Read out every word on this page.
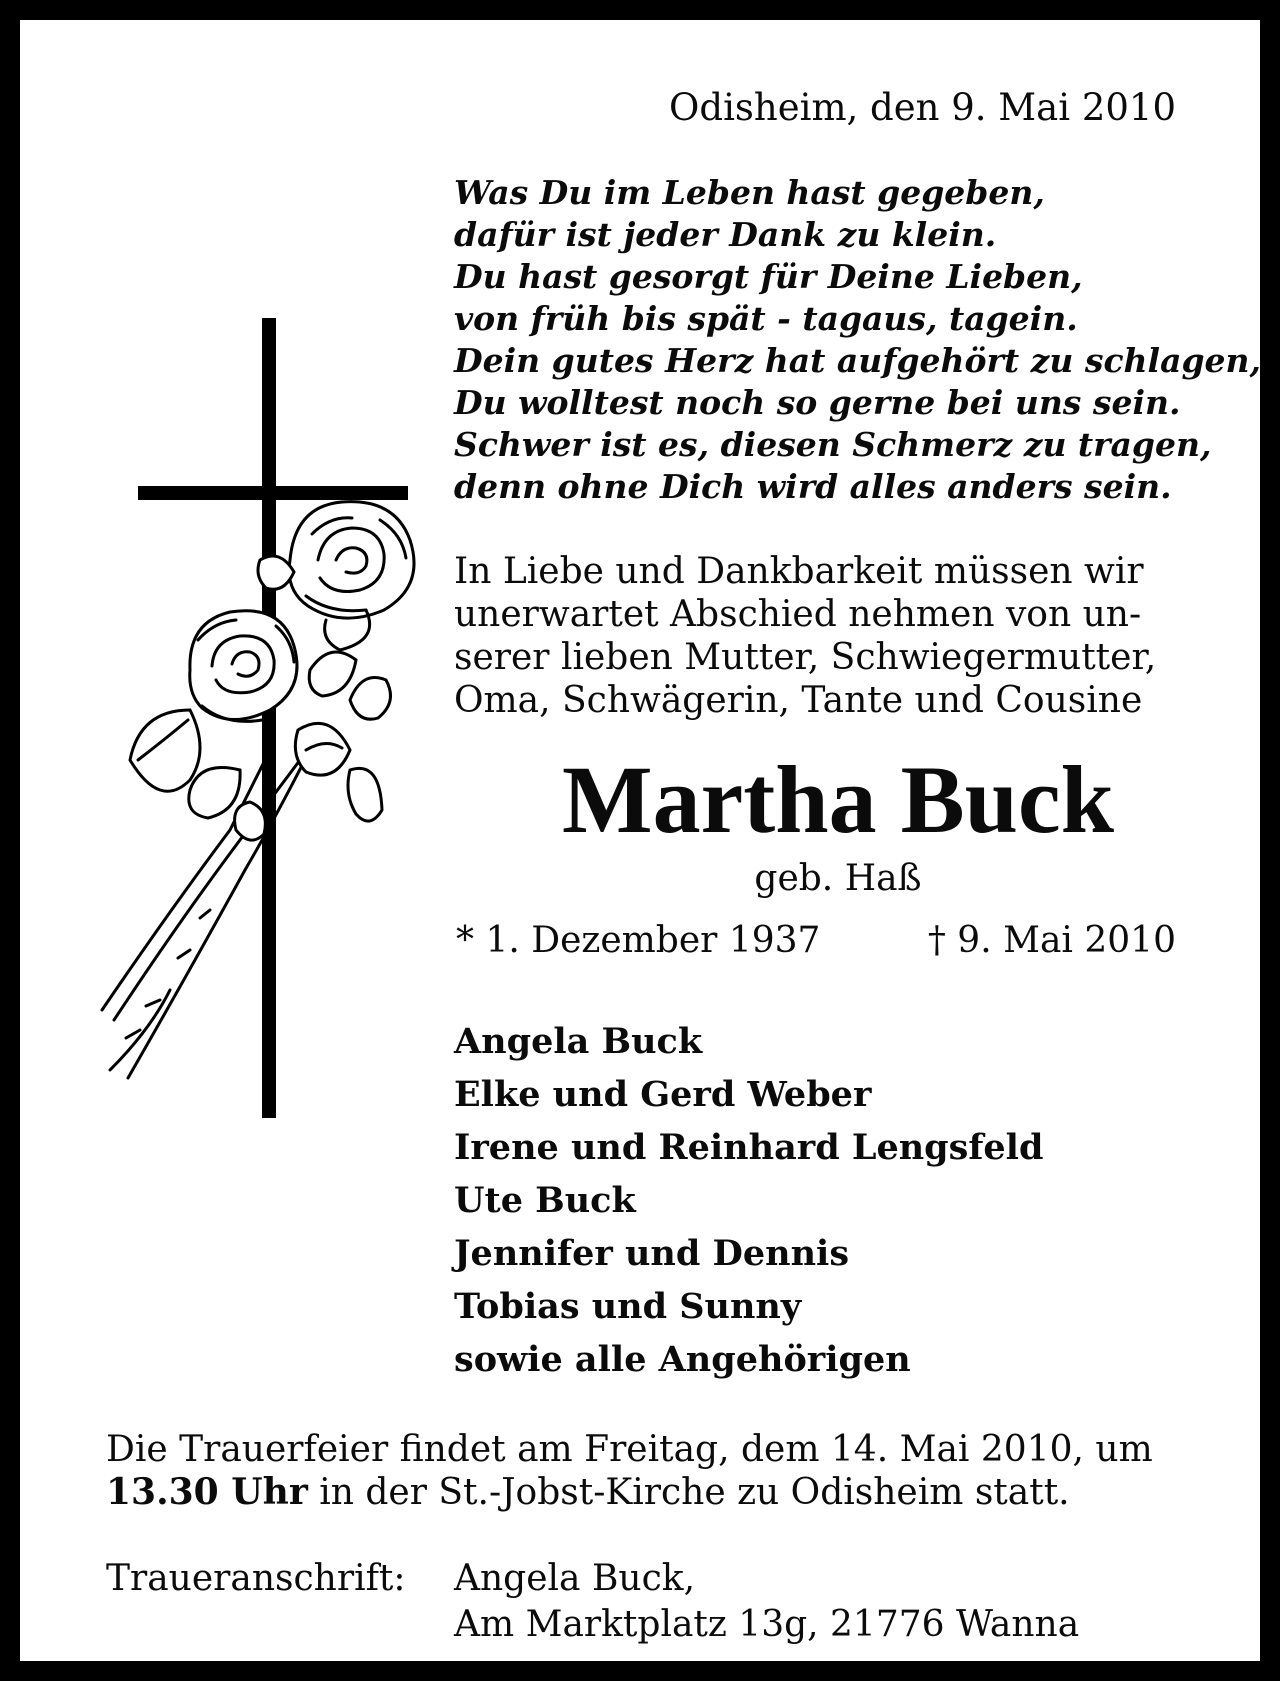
Odisheim, den 9. Mai 2010
Was Du im Leben hast gegeben,
dafür ist jeder Dank zu klein.
Du hast gesorgt für Deine Lieben,
von früh bis spät - tagaus, tagein.
Dein gutes Herz hat aufgehört zu schlagen,
Du wolltest noch so gerne bei uns sein.
Schwer ist es, diesen Schmerz zu tragen,
denn ohne Dich wird alles anders sein.
In Liebe und Dankbarkeit müssen wir
unerwartet Abschied nehmen von un-
serer lieben Mutter, Schwiegermutter,
Oma, Schwägerin, Tante und Cousine
Martha Buck
geb. Haß
* 1. Dezember 1937	† 9. Mai 2010
Angela Buck
Elke und Gerd Weber
Irene und Reinhard Lengsfeld
Ute Buck
Jennifer und Dennis
Tobias und Sunny
sowie alle Angehörigen
Die Trauerfeier findet am Freitag, dem 14. Mai 2010, um
13.30 Uhr in der St.-Jobst-Kirche zu Odisheim statt.
Traueranschrift: Angela Buck,
Am Marktplatz 13g, 21776 Wanna
